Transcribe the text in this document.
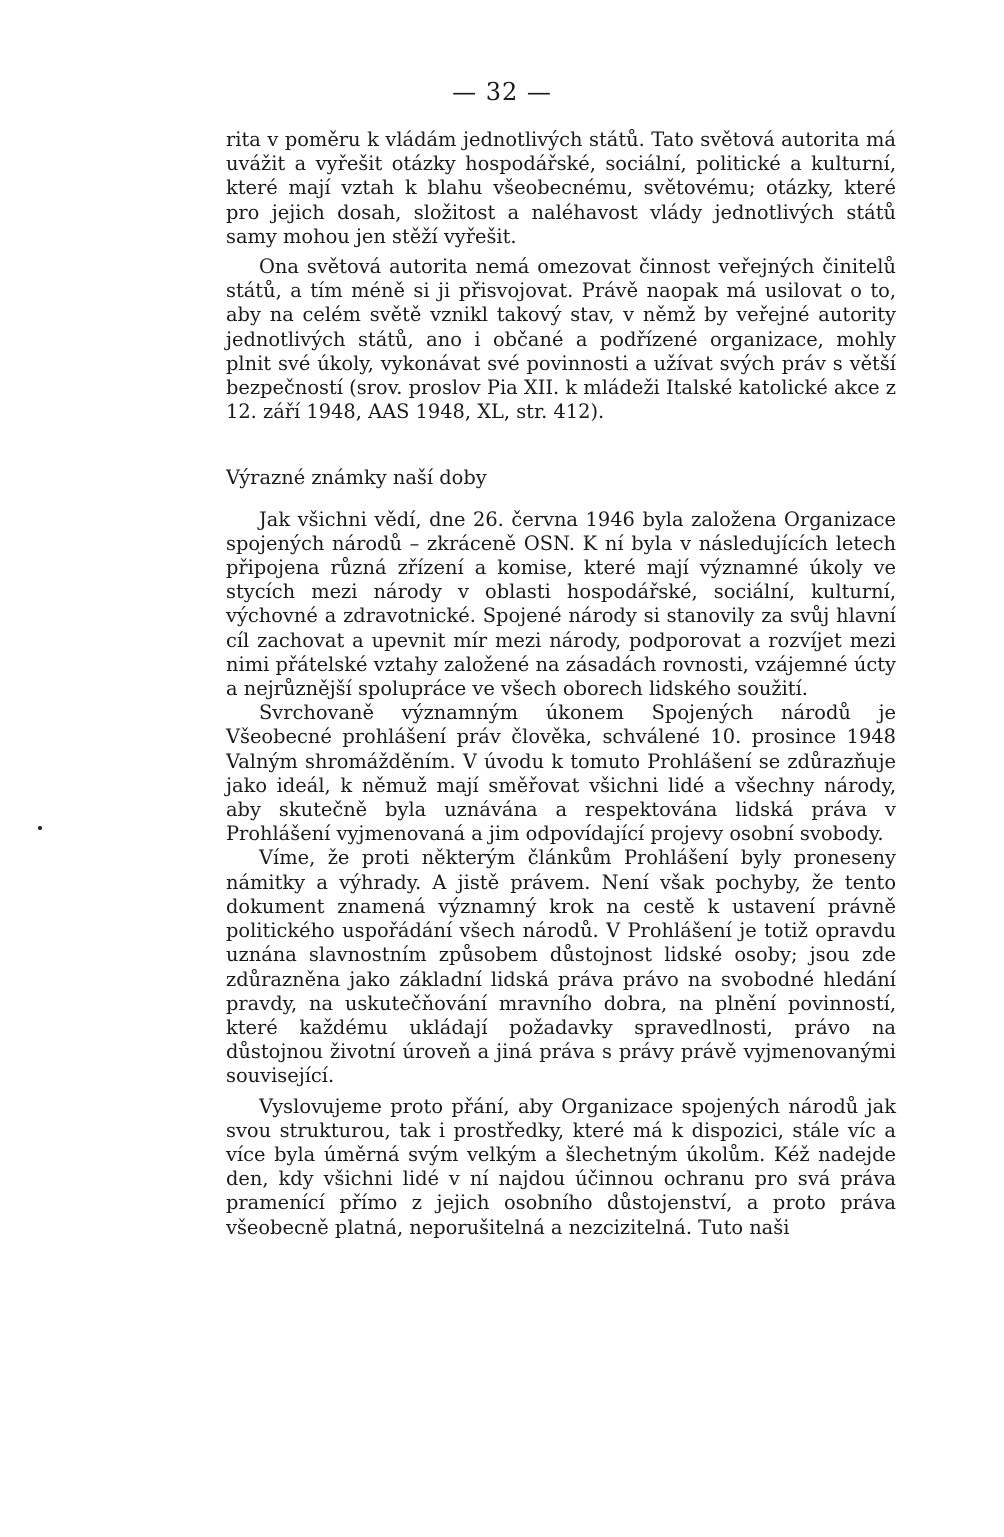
— 32 —

rita v poměru k vládám jednotlivých států. Tato světová autorita má uvážit a vyřešit otázky hospodářské, sociální, politické a kulturní, které mají vztah k blahu všeobecnému, světovému; otázky, které pro jejich dosah, složitost a naléhavost vlády jednotlivých států samy mohou jen stěží vyřešit.

Ona světová autorita nemá omezovat činnost veřejných činitelů států, a tím méně si ji přisvojovat. Právě naopak má usilovat o to, aby na celém světě vznikl takový stav, v němž by veřejné autority jednotlivých států, ano i občané a podřízené organizace, mohly plnit své úkoly, vykonávat své povinnosti a užívat svých práv s větší bezpečností (srov. proslov Pia XII. k mládeži Italské katolické akce z 12. září 1948, AAS 1948, XL, str. 412).

Výrazné známky naší doby

Jak všichni vědí, dne 26. června 1946 byla založena Organizace spojených národů – zkráceně OSN. K ní byla v následujících letech připojena různá zřízení a komise, které mají významné úkoly ve stycích mezi národy v oblasti hospodářské, sociální, kulturní, výchovné a zdravotnické. Spojené národy si stanovily za svůj hlavní cíl zachovat a upevnit mír mezi národy, podporovat a rozvíjet mezi nimi přátelské vztahy založené na zásadách rovnosti, vzájemné úcty a nejrůznější spolupráce ve všech oborech lidského soužití.

Svrchovaně významným úkonem Spojených národů je Všeobecné prohlášení práv člověka, schválené 10. prosince 1948 Valným shromážděním. V úvodu k tomuto Prohlášení se zdůrazňuje jako ideál, k němuž mají směřovat všichni lidé a všechny národy, aby skutečně byla uznávána a respektována lidská práva v Prohlášení vyjmenovaná a jim odpovídající projevy osobní svobody.

Víme, že proti některým článkům Prohlášení byly proneseny námitky a výhrady. A jistě právem. Není však pochyby, že tento dokument znamená významný krok na cestě k ustavení právně politického uspořádání všech národů. V Prohlášení je totiž opravdu uznána slavnostním způsobem důstojnost lidské osoby; jsou zde zdůrazněna jako základní lidská práva právo na svobodné hledání pravdy, na uskutečňování mravního dobra, na plnění povinností, které každému ukládají požadavky spravedlnosti, právo na důstojnou životní úroveň a jiná práva s právy právě vyjmenovanými související.

Vyslovujeme proto přání, aby Organizace spojených národů jak svou strukturou, tak i prostředky, které má k dispozici, stále víc a více byla úměrná svým velkým a šlechetným úkolům. Kéž nadejde den, kdy všichni lidé v ní najdou účinnou ochranu pro svá práva pramenící přímo z jejich osobního důstojenství, a proto práva všeobecně platná, neporušitelná a nezcizitelná. Tuto naši
